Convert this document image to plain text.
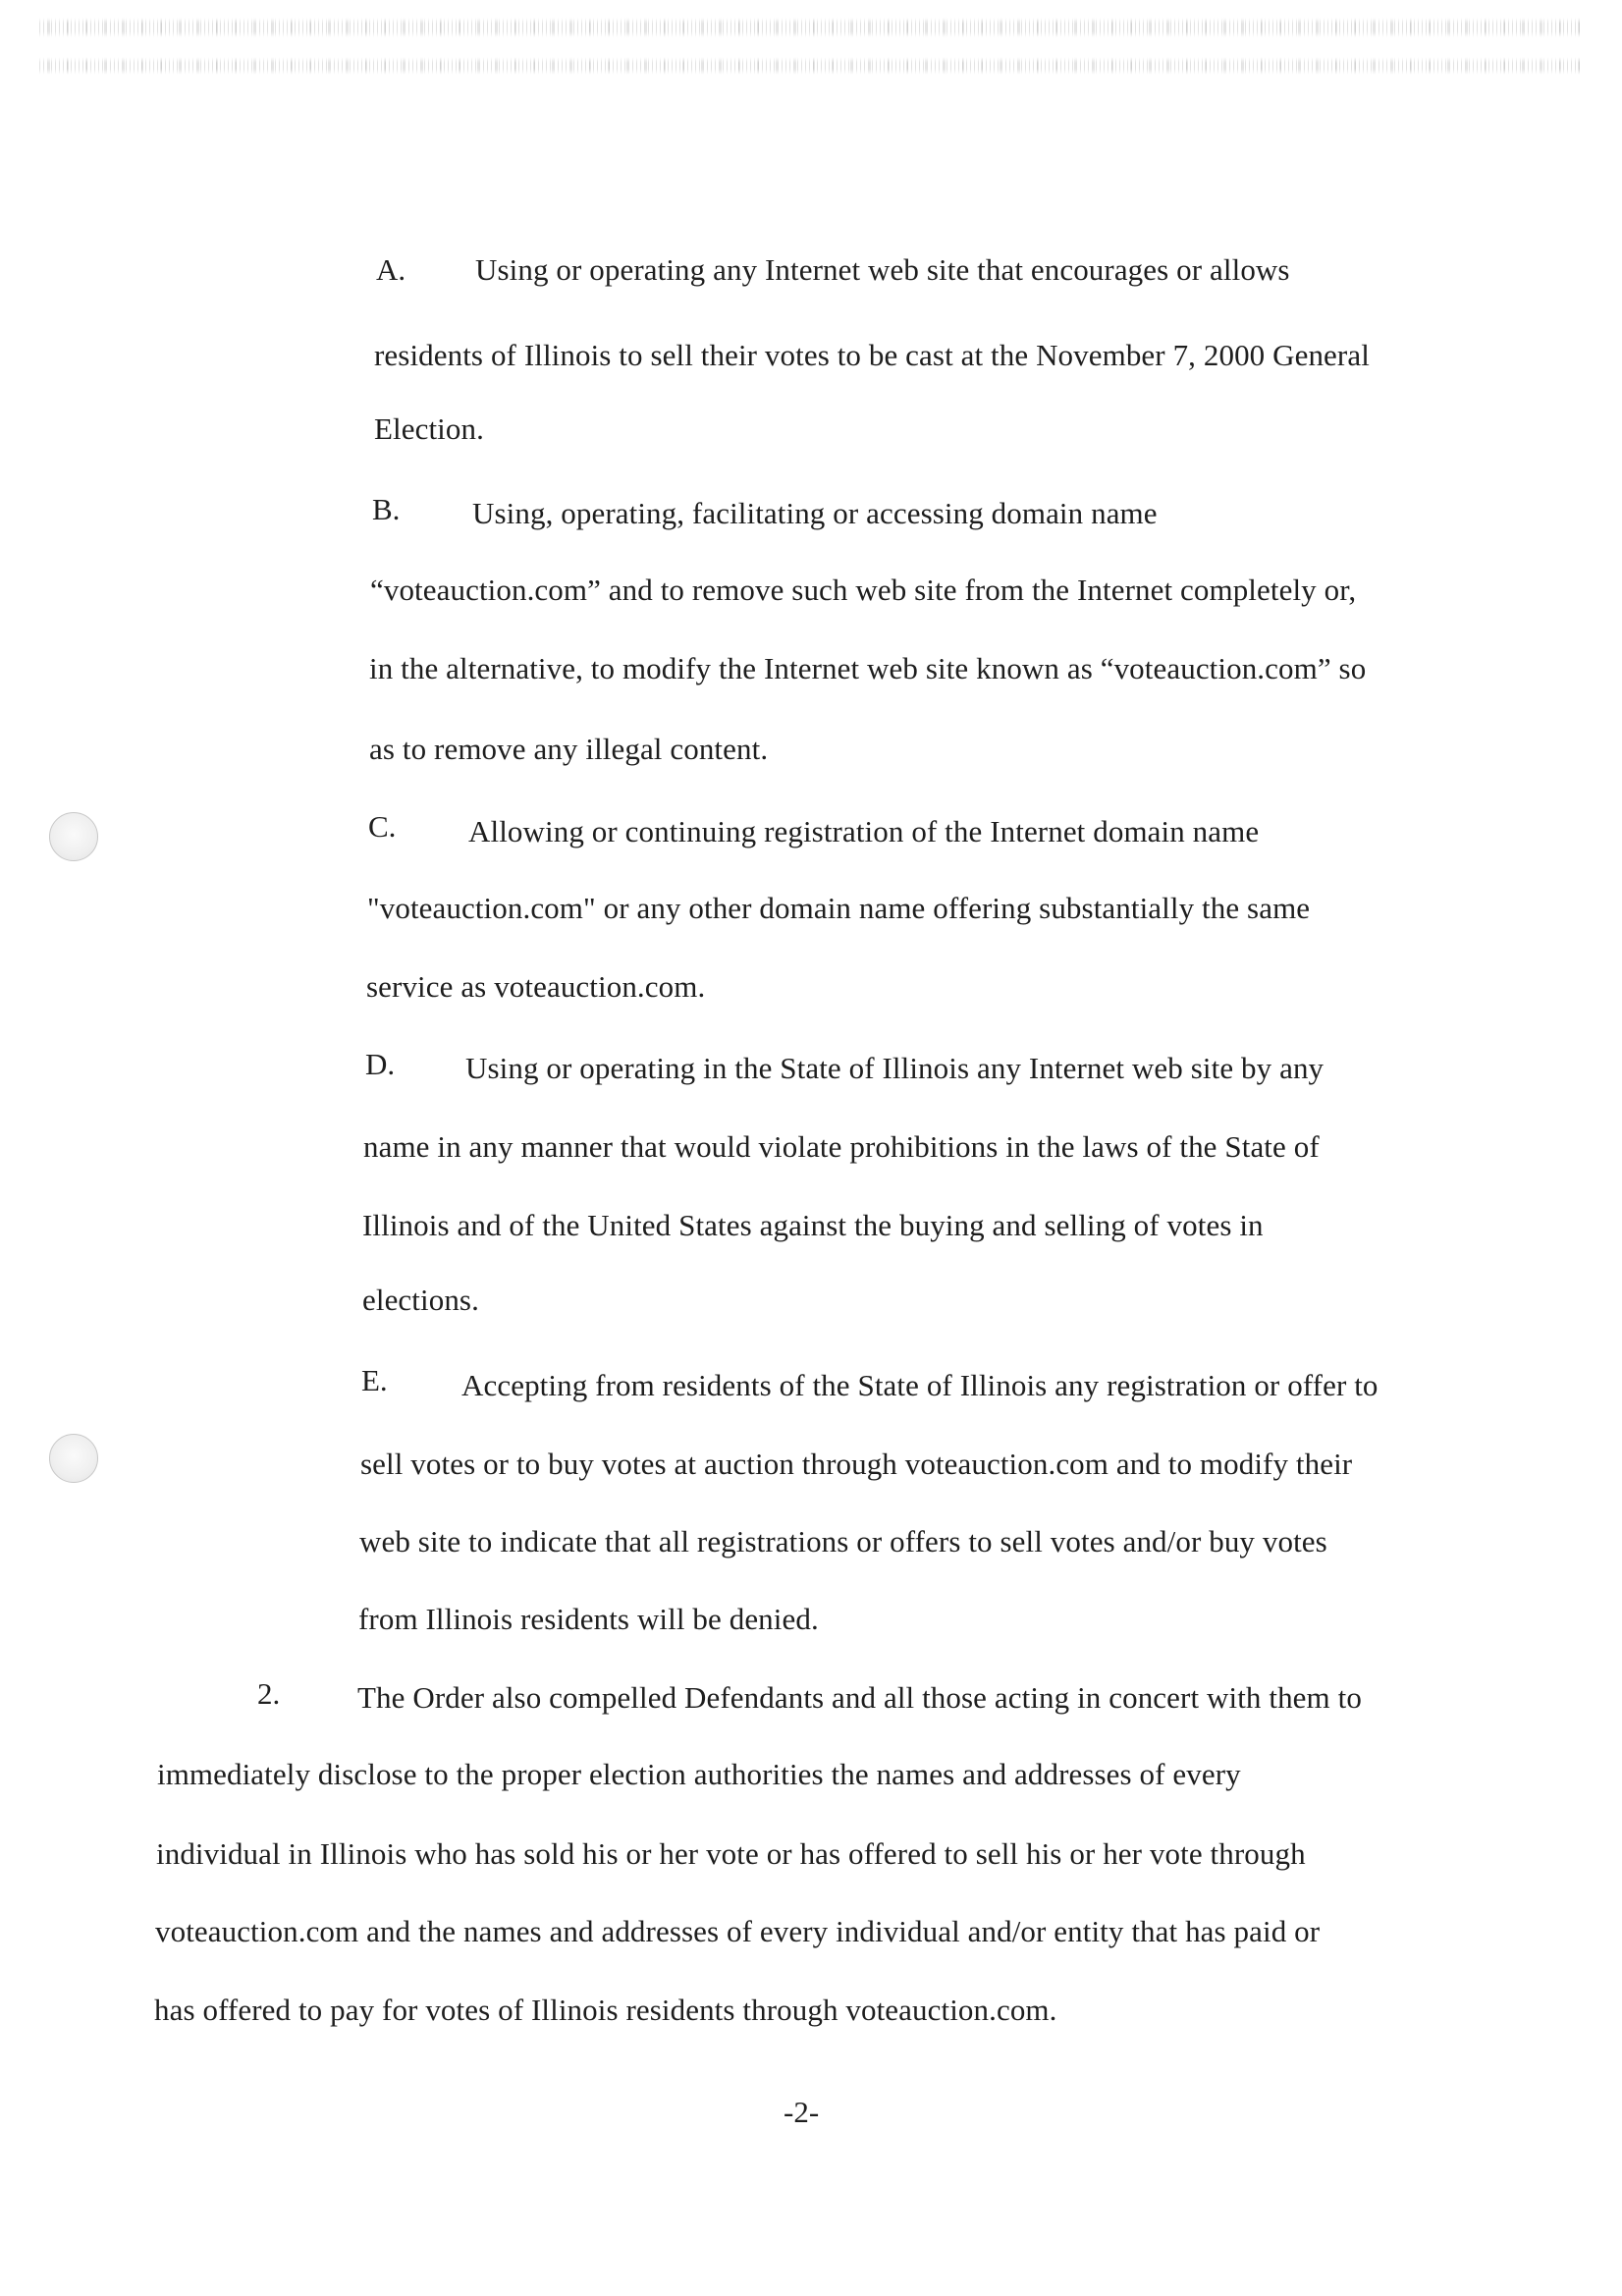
A. Using or operating any Internet web site that encourages or allows
residents of Illinois to sell their votes to be cast at the November 7, 2000 General
Election.
B. Using, operating, facilitating or accessing domain name
“voteauction.com” and to remove such web site from the Internet completely or,
in the alternative, to modify the Internet web site known as “voteauction.com” so
as to remove any illegal content.
C. Allowing or continuing registration of the Internet domain name
"voteauction.com" or any other domain name offering substantially the same
service as voteauction.com.
D. Using or operating in the State of Illinois any Internet web site by any
name in any manner that would violate prohibitions in the laws of the State of
Illinois and of the United States against the buying and selling of votes in
elections.
E. Accepting from residents of the State of Illinois any registration or offer to
sell votes or to buy votes at auction through voteauction.com and to modify their
web site to indicate that all registrations or offers to sell votes and/or buy votes
from Illinois residents will be denied.
2.	The Order also compelled Defendants and all those acting in concert with them to
immediately disclose to the proper election authorities the names and addresses of every
individual in Illinois who has sold his or her vote or has offered to sell his or her vote through
voteauction.com and the names and addresses of every individual and/or entity that has paid or
has offered to pay for votes of Illinois residents through voteauction.com.
-2-
